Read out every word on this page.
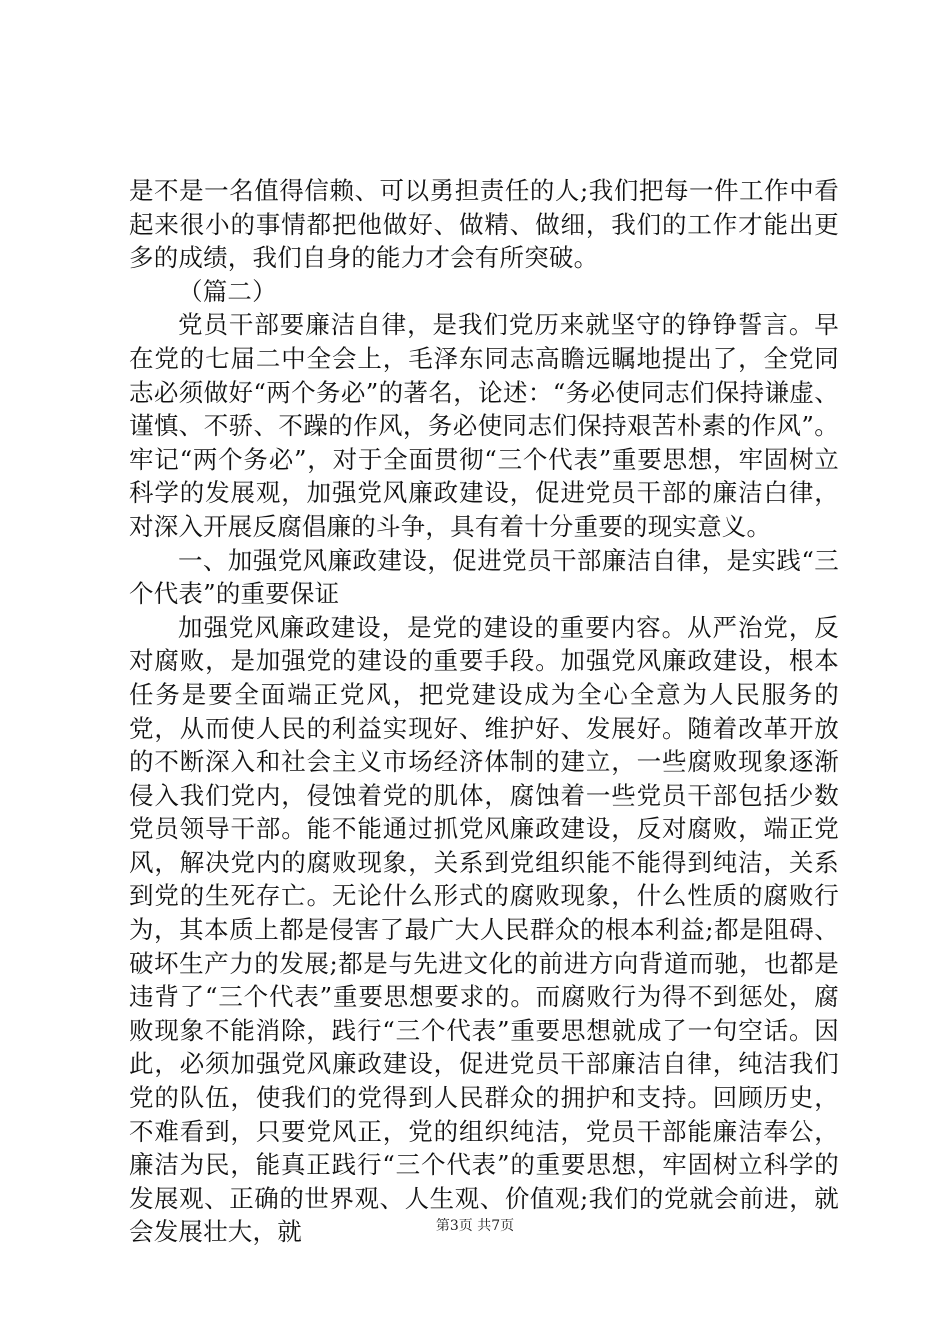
是不是一名值得信赖、可以勇担责任的人;我们把每一件工作中看起来很小的事情都把他做好、做精、做细，我们的工作才能出更多的成绩，我们自身的能力才会有所突破。

（篇二）

党员干部要廉洁自律，是我们党历来就坚守的铮铮誓言。早在党的七届二中全会上，毛泽东同志高瞻远瞩地提出了，全党同志必须做好“两个务必”的著名，论述：“务必使同志们保持谦虚、谨慎、不骄、不躁的作风，务必使同志们保持艰苦朴素的作风”。牢记“两个务必”，对于全面贯彻“三个代表”重要思想，牢固树立科学的发展观，加强党风廉政建设，促进党员干部的廉洁白律，对深入开展反腐倡廉的斗争，具有着十分重要的现实意义。

一、加强党风廉政建设，促进党员干部廉洁自律，是实践“三个代表”的重要保证

加强党风廉政建设，是党的建设的重要内容。从严治党，反对腐败，是加强党的建设的重要手段。加强党风廉政建设，根本任务是要全面端正党风，把党建设成为全心全意为人民服务的党，从而使人民的利益实现好、维护好、发展好。随着改革开放的不断深入和社会主义市场经济体制的建立，一些腐败现象逐渐侵入我们党内，侵蚀着党的肌体，腐蚀着一些党员干部包括少数党员领导干部。能不能通过抓党风廉政建设，反对腐败，端正党风，解决党内的腐败现象，关系到党组织能不能得到纯洁，关系到党的生死存亡。无论什么形式的腐败现象，什么性质的腐败行为，其本质上都是侵害了最广大人民群众的根本利益;都是阻碍、破坏生产力的发展;都是与先进文化的前进方向背道而驰，也都是违背了“三个代表”重要思想要求的。而腐败行为得不到惩处，腐败现象不能消除，践行“三个代表”重要思想就成了一句空话。因此，必须加强党风廉政建设，促进党员干部廉洁自律，纯洁我们党的队伍，使我们的党得到人民群众的拥护和支持。回顾历史，不难看到，只要党风正，党的组织纯洁，党员干部能廉洁奉公，廉洁为民，能真正践行“三个代表”的重要思想，牢固树立科学的发展观、正确的世界观、人生观、价值观;我们的党就会前进，就会发展壮大，就	第3页 共7页
